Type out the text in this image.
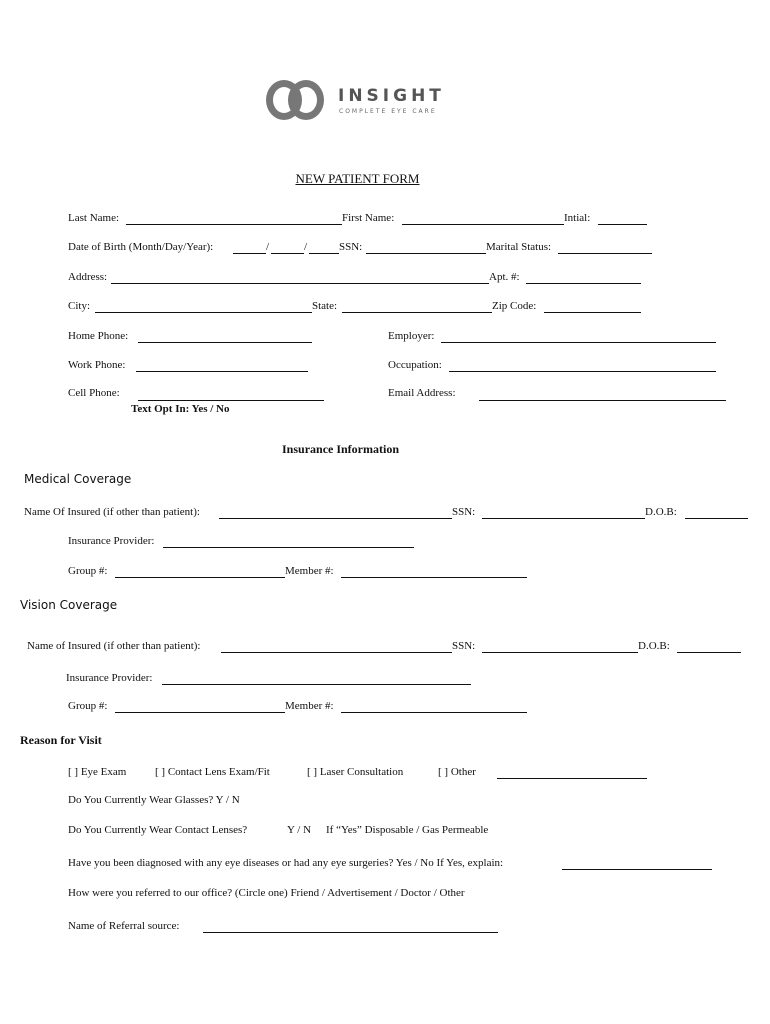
INSIGHT
COMPLETE EYE CARE
NEW PATIENT FORM
Last Name:	First Name:	Intial:
Date of Birth (Month/Day/Year):	/	/	SSN:	Marital Status:
Address:	Apt. #:
City:	State:	Zip Code:
Home Phone:	Employer:
Work Phone:	Occupation:
Cell Phone:	Email Address:
Text Opt In: Yes / No
Insurance Information
Medical Coverage
Name Of Insured (if other than patient):	SSN:	D.O.B:
Insurance Provider:
Group #:	Member #:
Vision Coverage
Name of Insured (if other than patient):	SSN:	D.O.B:
Insurance Provider:
Group #:	Member #:
Reason for Visit
[ ] Eye Exam	[ ] Contact Lens Exam/Fit	[ ] Laser Consultation	[ ] Other
Do You Currently Wear Glasses? Y / N
Do You Currently Wear Contact Lenses?	Y / N If “Yes” Disposable / Gas Permeable
Have you been diagnosed with any eye diseases or had any eye surgeries? Yes / No If Yes, explain:
How were you referred to our office? (Circle one) Friend / Advertisement / Doctor / Other
Name of Referral source:
